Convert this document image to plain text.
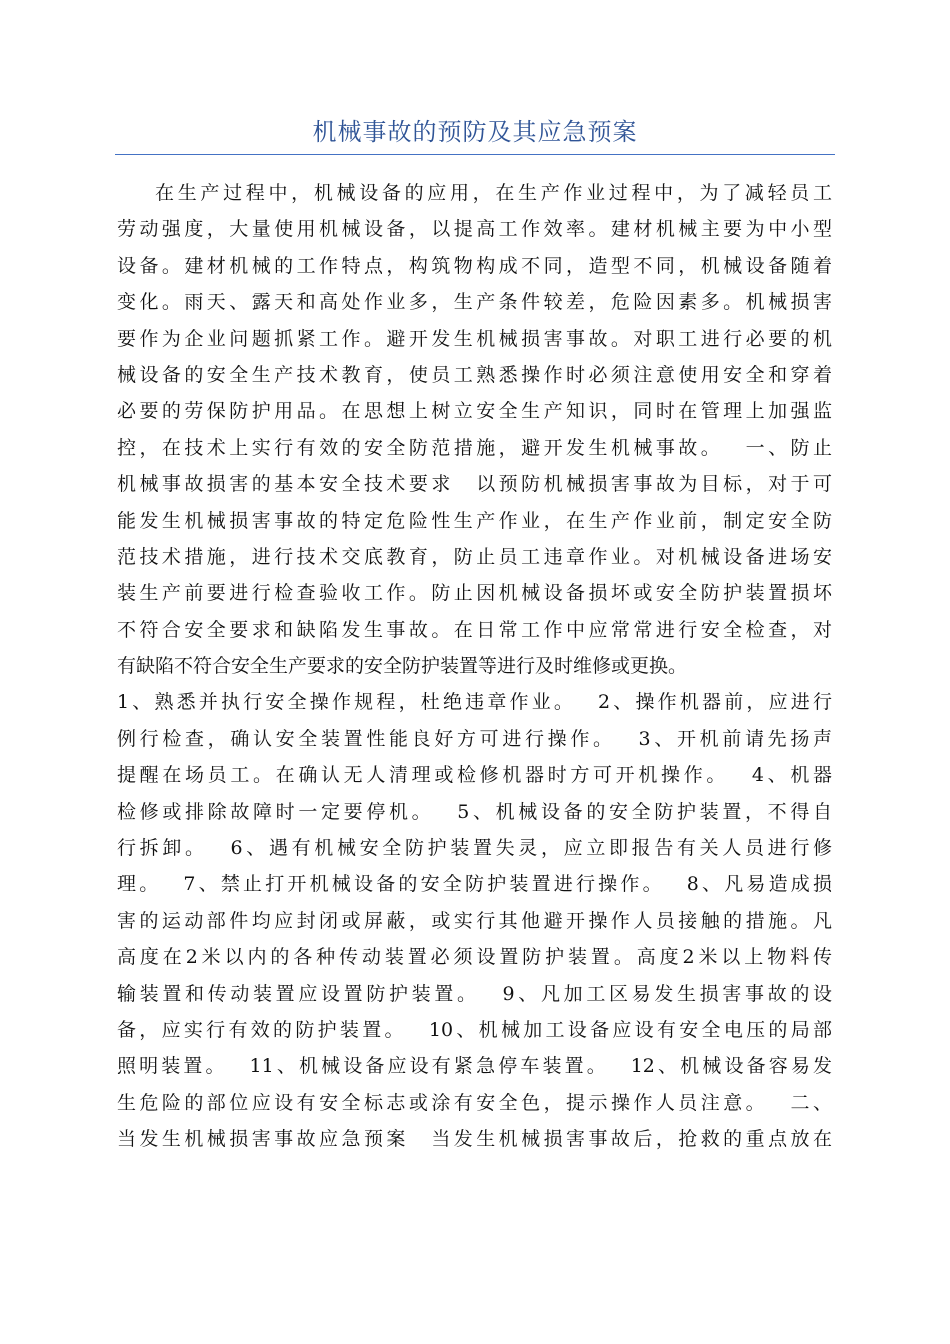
机械事故的预防及其应急预案
在生产过程中，机械设备的应用，在生产作业过程中，为了减轻员工
劳动强度，大量使用机械设备，以提高工作效率。建材机械主要为中小型
设备。建材机械的工作特点，构筑物构成不同，造型不同，机械设备随着
变化。雨天、露天和高处作业多，生产条件较差，危险因素多。机械损害
要作为企业问题抓紧工作。避开发生机械损害事故。对职工进行必要的机
械设备的安全生产技术教育，使员工熟悉操作时必须注意使用安全和穿着
必要的劳保防护用品。在思想上树立安全生产知识，同时在管理上加强监
控，在技术上实行有效的安全防范措施，避开发生机械事故。　 一、防止
机械事故损害的基本安全技术要求　以预防机械损害事故为目标，对于可
能发生机械损害事故的特定危险性生产作业，在生产作业前，制定安全防
范技术措施，进行技术交底教育，防止员工违章作业。对机械设备进场安
装生产前要进行检查验收工作。防止因机械设备损坏或安全防护装置损坏
不符合安全要求和缺陷发生事故。在日常工作中应常常进行安全检查，对
有缺陷不符合安全生产要求的安全防护装置等进行及时维修或更换。
1、熟悉并执行安全操作规程，杜绝违章作业。　 2、操作机器前，应进行
例行检查，确认安全装置性能良好方可进行操作。　 3、开机前请先扬声
提醒在场员工。在确认无人清理或检修机器时方可开机操作。　 4、机器
检修或排除故障时一定要停机。　 5、机械设备的安全防护装置，不得自
行拆卸。　 6、遇有机械安全防护装置失灵，应立即报告有关人员进行修
理。　 7、禁止打开机械设备的安全防护装置进行操作。　 8、凡易造成损
害的运动部件均应封闭或屏蔽，或实行其他避开操作人员接触的措施。凡
高度在2米以内的各种传动装置必须设置防护装置。高度2米以上物料传
输装置和传动装置应设置防护装置。　 9、凡加工区易发生损害事故的设
备，应实行有效的防护装置。　 10、机械加工设备应设有安全电压的局部
照明装置。　 11、机械设备应设有紧急停车装置。　 12、机械设备容易发
生危险的部位应设有安全标志或涂有安全色，提示操作人员注意。　 二、
当发生机械损害事故应急预案　当发生机械损害事故后，抢救的重点放在
